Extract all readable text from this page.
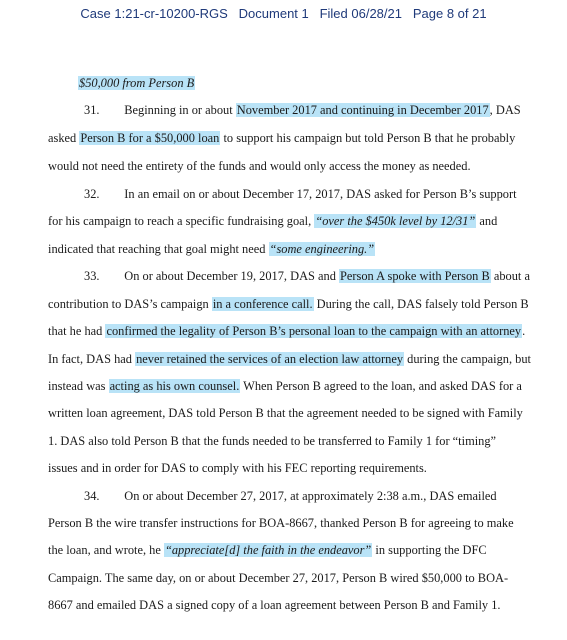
Case 1:21-cr-10200-RGS Document 1 Filed 06/28/21 Page 8 of 21
$50,000 from Person B
31.  Beginning in or about November 2017 and continuing in December 2017, DAS
asked Person B for a $50,000 loan to support his campaign but told Person B that he probably
would not need the entirety of the funds and would only access the money as needed.
32.  In an email on or about December 17, 2017, DAS asked for Person B’s support
for his campaign to reach a specific fundraising goal, “over the $450k level by 12/31” and
indicated that reaching that goal might need “some engineering.”
33.  On or about December 19, 2017, DAS and Person A spoke with Person B about a
contribution to DAS’s campaign in a conference call. During the call, DAS falsely told Person B
that he had confirmed the legality of Person B’s personal loan to the campaign with an attorney.
In fact, DAS had never retained the services of an election law attorney during the campaign, but
instead was acting as his own counsel. When Person B agreed to the loan, and asked DAS for a
written loan agreement, DAS told Person B that the agreement needed to be signed with Family
1. DAS also told Person B that the funds needed to be transferred to Family 1 for “timing”
issues and in order for DAS to comply with his FEC reporting requirements.
34.  On or about December 27, 2017, at approximately 2:38 a.m., DAS emailed
Person B the wire transfer instructions for BOA-8667, thanked Person B for agreeing to make
the loan, and wrote, he “appreciate[d] the faith in the endeavor” in supporting the DFC
Campaign. The same day, on or about December 27, 2017, Person B wired $50,000 to BOA-
8667 and emailed DAS a signed copy of a loan agreement between Person B and Family 1.
